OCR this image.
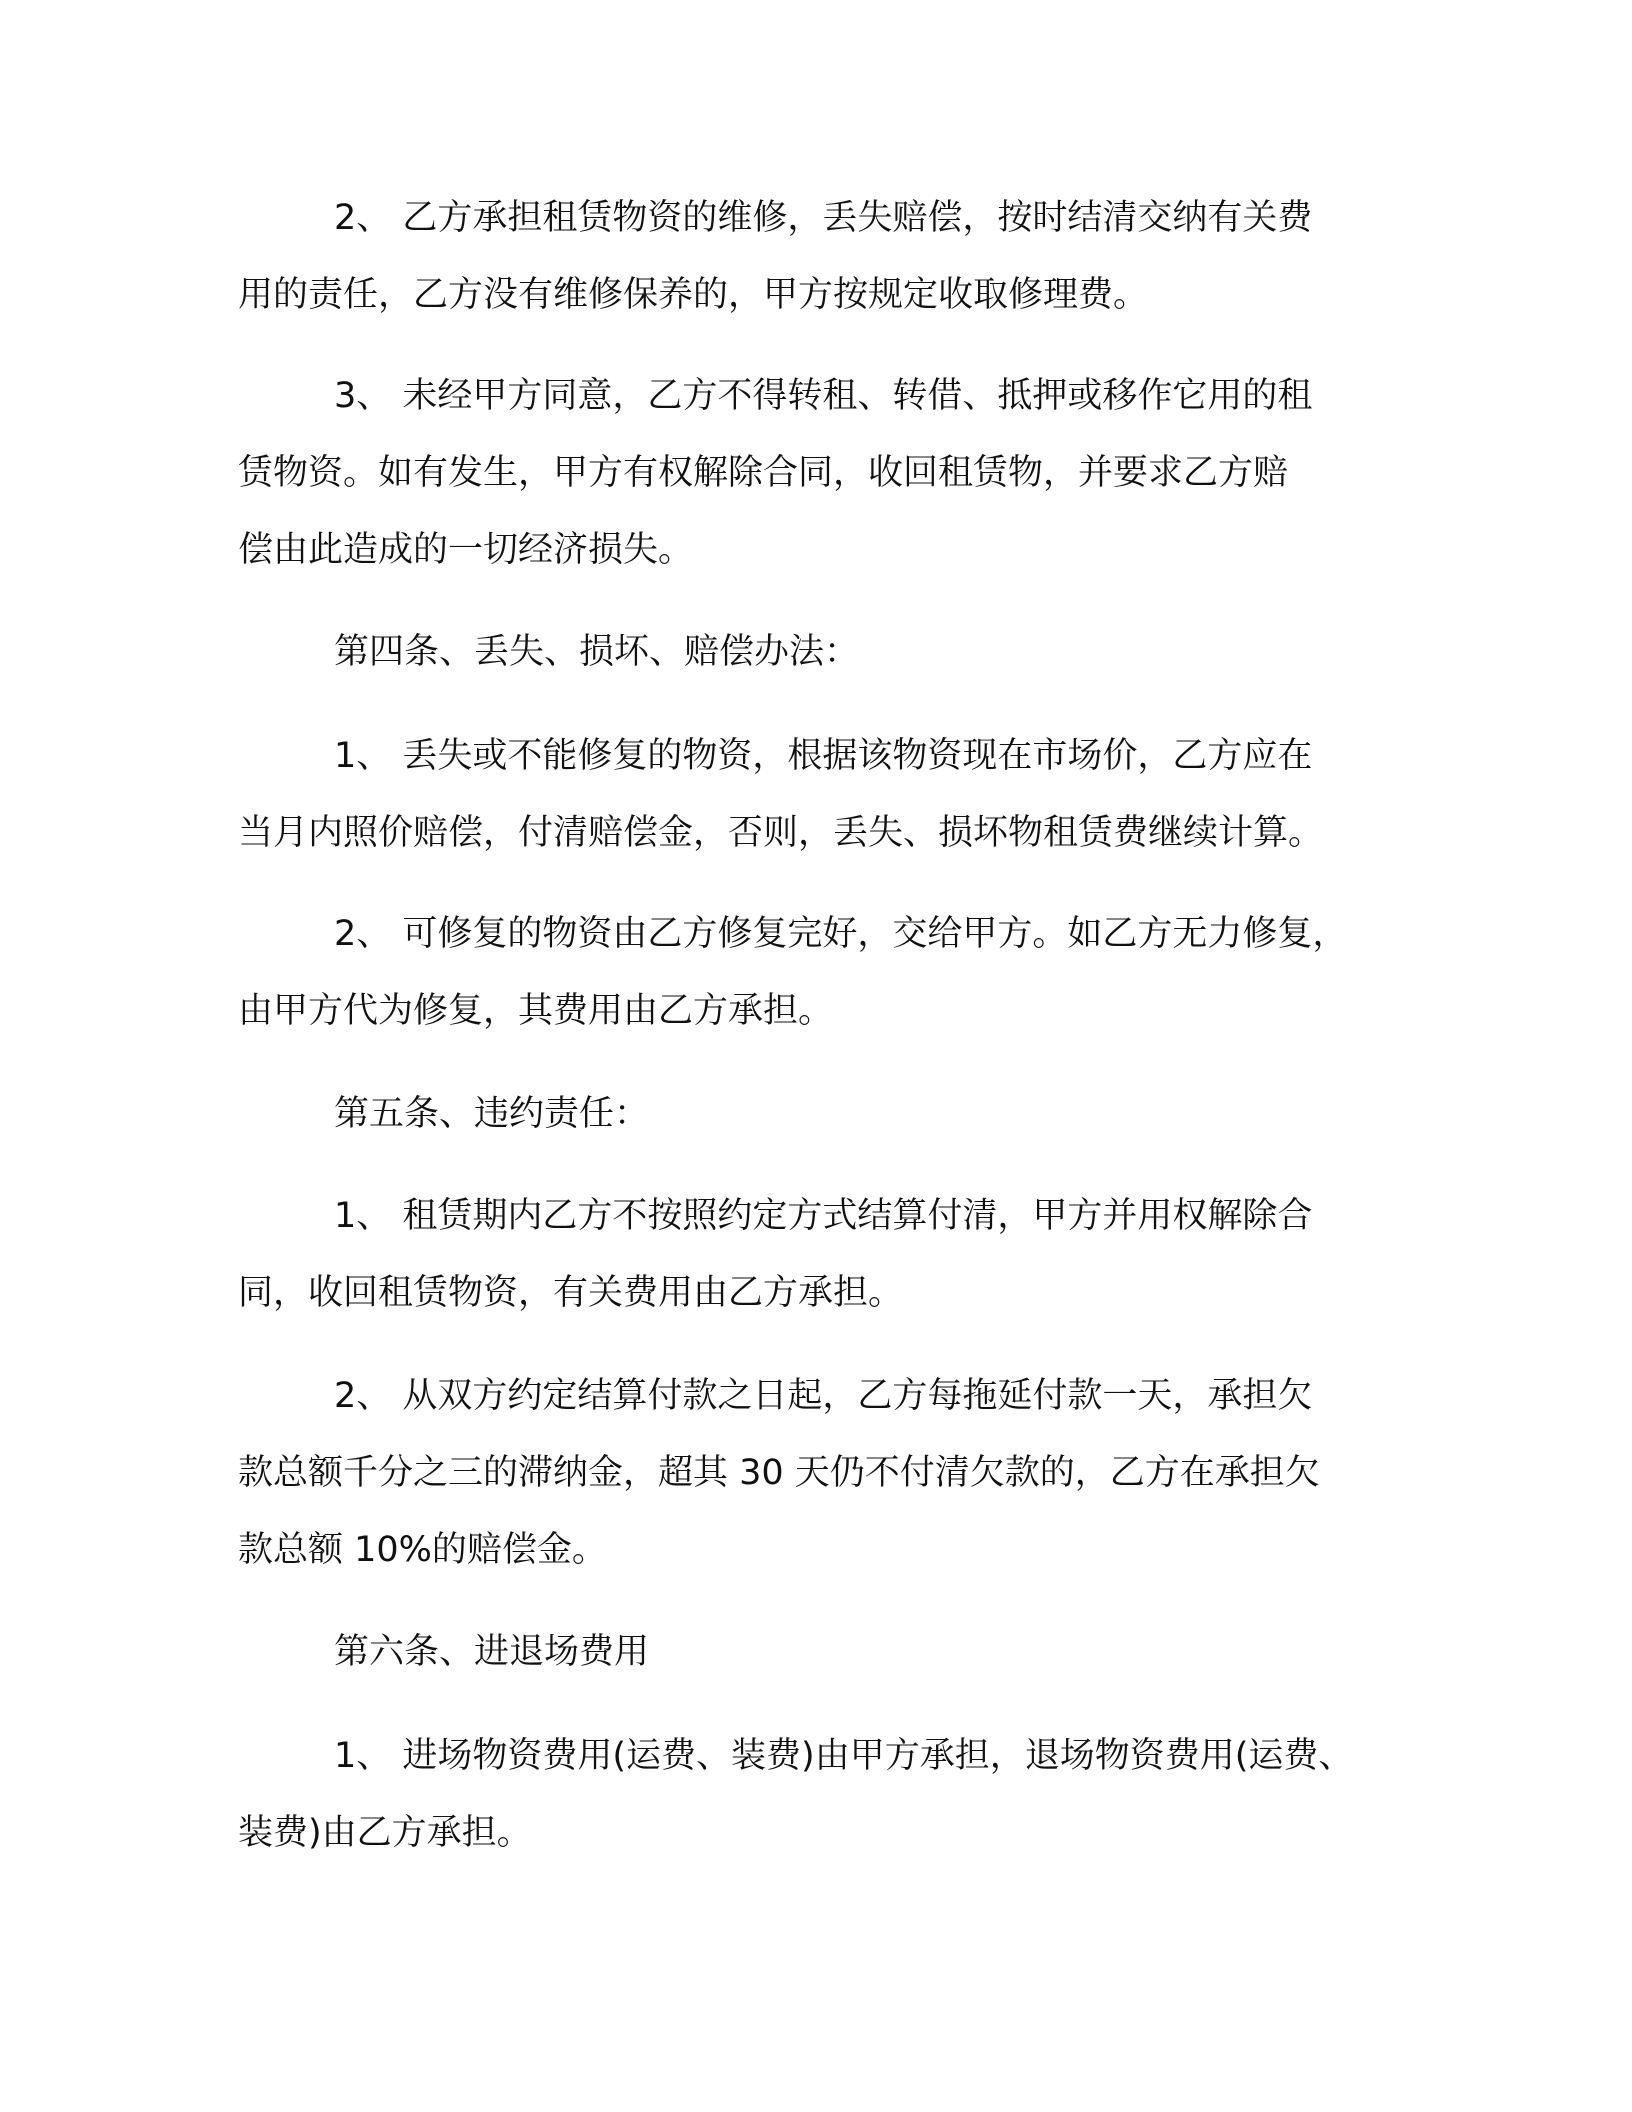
2、 乙方承担租赁物资的维修，丢失赔偿，按时结清交纳有关费
用的责任，乙方没有维修保养的，甲方按规定收取修理费。
3、 未经甲方同意，乙方不得转租、转借、抵押或移作它用的租
赁物资。如有发生，甲方有权解除合同，收回租赁物，并要求乙方赔
偿由此造成的一切经济损失。
第四条、丢失、损坏、赔偿办法：
1、 丢失或不能修复的物资，根据该物资现在市场价，乙方应在
当月内照价赔偿，付清赔偿金，否则，丢失、损坏物租赁费继续计算。
2、 可修复的物资由乙方修复完好，交给甲方。如乙方无力修复，
由甲方代为修复，其费用由乙方承担。
第五条、违约责任：
1、 租赁期内乙方不按照约定方式结算付清，甲方并用权解除合
同，收回租赁物资，有关费用由乙方承担。
2、 从双方约定结算付款之日起，乙方每拖延付款一天，承担欠
款总额千分之三的滞纳金，超其 30 天仍不付清欠款的，乙方在承担欠
款总额 10%的赔偿金。
第六条、进退场费用
1、 进场物资费用(运费、装费)由甲方承担，退场物资费用(运费、
装费)由乙方承担。
